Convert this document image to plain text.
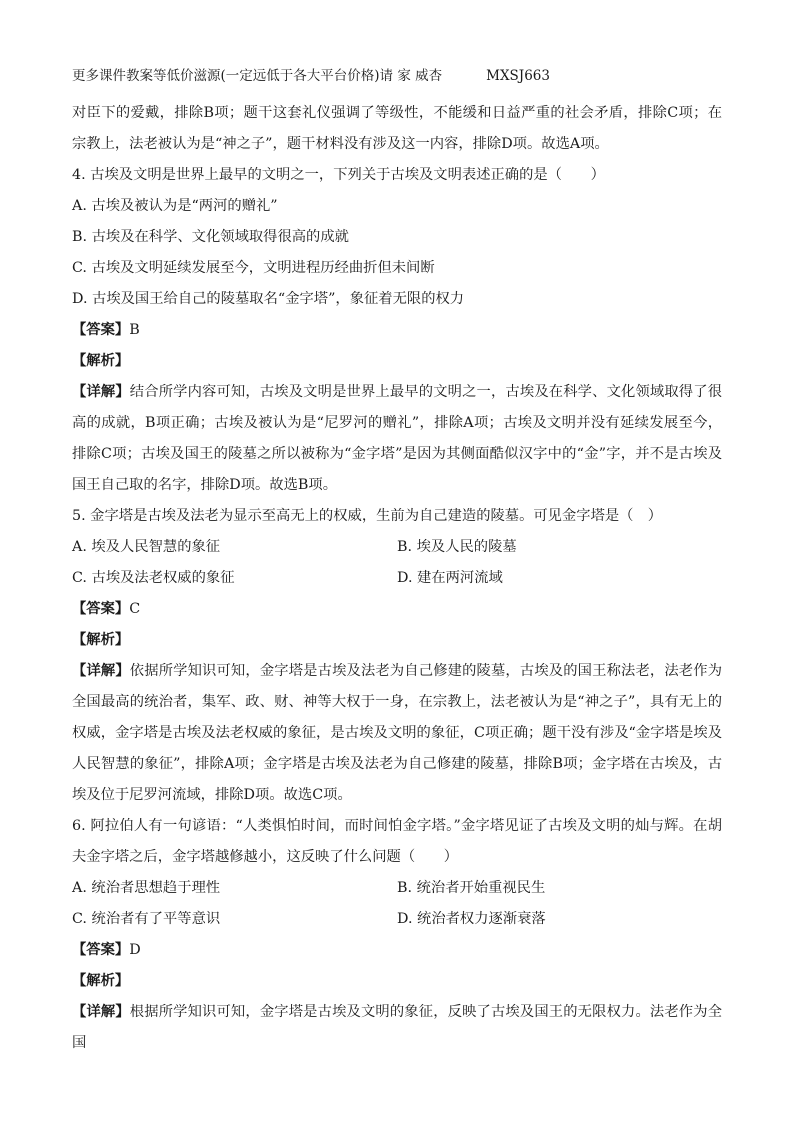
更多课件教案等低价滋源(一定远低于各大平台价格)请 家 威杏	MXSJ663

对臣下的爱戴，排除B项；题干这套礼仪强调了等级性，不能缓和日益严重的社会矛盾，排除C项；在宗教上，法老被认为是“神之子”，题干材料没有涉及这一内容，排除D项。故选A项。

4. 古埃及文明是世界上最早的文明之一，下列关于古埃及文明表述正确的是（　　）

A. 古埃及被认为是“两河的赠礼”

B. 古埃及在科学、文化领域取得很高的成就

C. 古埃及文明延续发展至今，文明进程历经曲折但未间断

D. 古埃及国王给自己的陵墓取名“金字塔”，象征着无限的权力

【答案】B

【解析】

【详解】结合所学内容可知，古埃及文明是世界上最早的文明之一，古埃及在科学、文化领域取得了很高的成就，B项正确；古埃及被认为是“尼罗河的赠礼”，排除A项；古埃及文明并没有延续发展至今，排除C项；古埃及国王的陵墓之所以被称为“金字塔”是因为其侧面酷似汉字中的“金”字，并不是古埃及国王自己取的名字，排除D项。故选B项。

5. 金字塔是古埃及法老为显示至高无上的权威，生前为自己建造的陵墓。可见金字塔是（　）

A. 埃及人民智慧的象征	B. 埃及人民的陵墓
C. 古埃及法老权威的象征	D. 建在两河流域

【答案】C

【解析】

【详解】依据所学知识可知，金字塔是古埃及法老为自己修建的陵墓，古埃及的国王称法老，法老作为全国最高的统治者，集军、政、财、神等大权于一身，在宗教上，法老被认为是“神之子”，具有无上的权威，金字塔是古埃及法老权威的象征，是古埃及文明的象征，C项正确；题干没有涉及“金字塔是埃及人民智慧的象征”，排除A项；金字塔是古埃及法老为自己修建的陵墓，排除B项；金字塔在古埃及，古埃及位于尼罗河流域，排除D项。故选C项。

6. 阿拉伯人有一句谚语：“人类惧怕时间，而时间怕金字塔。”金字塔见证了古埃及文明的灿与辉。在胡夫金字塔之后，金字塔越修越小，这反映了什么问题（　　）

A. 统治者思想趋于理性	B. 统治者开始重视民生
C. 统治者有了平等意识	D. 统治者权力逐渐衰落

【答案】D

【解析】

【详解】根据所学知识可知，金字塔是古埃及文明的象征，反映了古埃及国王的无限权力。法老作为全国
